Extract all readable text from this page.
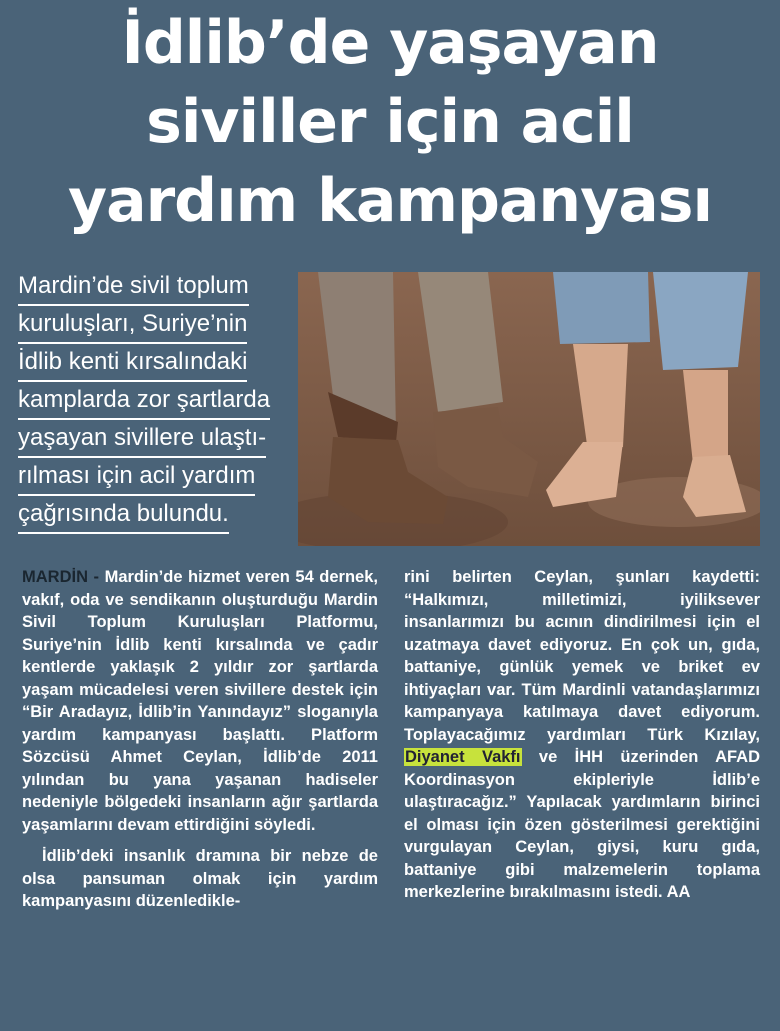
İdlib’de yaşayan
siviller için acil
yardım kampanyası
Mardin’de sivil toplum
kuruluşları, Suriye’nin
İdlib kenti kırsalındaki
kamplarda zor şartlarda
yaşayan sivillere ulaştı-
rılması için acil yardım
çağrısında bulundu.

MARDİN - Mardin’de hizmet veren 54 dernek, vakıf, oda ve sendikanın oluşturduğu Mardin Sivil Toplum Kuruluşları Platformu, Suriye’nin İdlib kenti kırsalında ve çadır kentlerde yaklaşık 2 yıldır zor şartlarda yaşam mücadelesi veren sivillere destek için “Bir Aradayız, İdlib’in Yanındayız” sloganıyla yardım kampanyası başlattı. Platform Sözcüsü Ahmet Ceylan, İdlib’de 2011 yılından bu yana yaşanan hadiseler nedeniyle bölgedeki insanların ağır şartlarda yaşamlarını devam ettirdiğini söyledi.

İdlib’deki insanlık dramına bir nebze de olsa pansuman olmak için yardım kampanyasını düzenledikle-

rini belirten Ceylan, şunları kaydetti: “Halkımızı, milletimizi, iyiliksever insanlarımızı bu acının dindirilmesi için el uzatmaya davet ediyoruz. En çok un, gıda, battaniye, günlük yemek ve briket ev ihtiyaçları var. Tüm Mardinli vatandaşlarımızı kampanyaya katılmaya davet ediyorum. Toplayacağımız yardımları Türk Kızılay, Diyanet Vakfı ve İHH üzerinden AFAD Koordinasyon ekipleriyle İdlib’e ulaştıracağız.” Yapılacak yardımların birinci el olması için özen gösterilmesi gerektiğini vurgulayan Ceylan, giysi, kuru gıda, battaniye gibi malzemelerin toplama merkezlerine bırakılmasını istedi. AA
